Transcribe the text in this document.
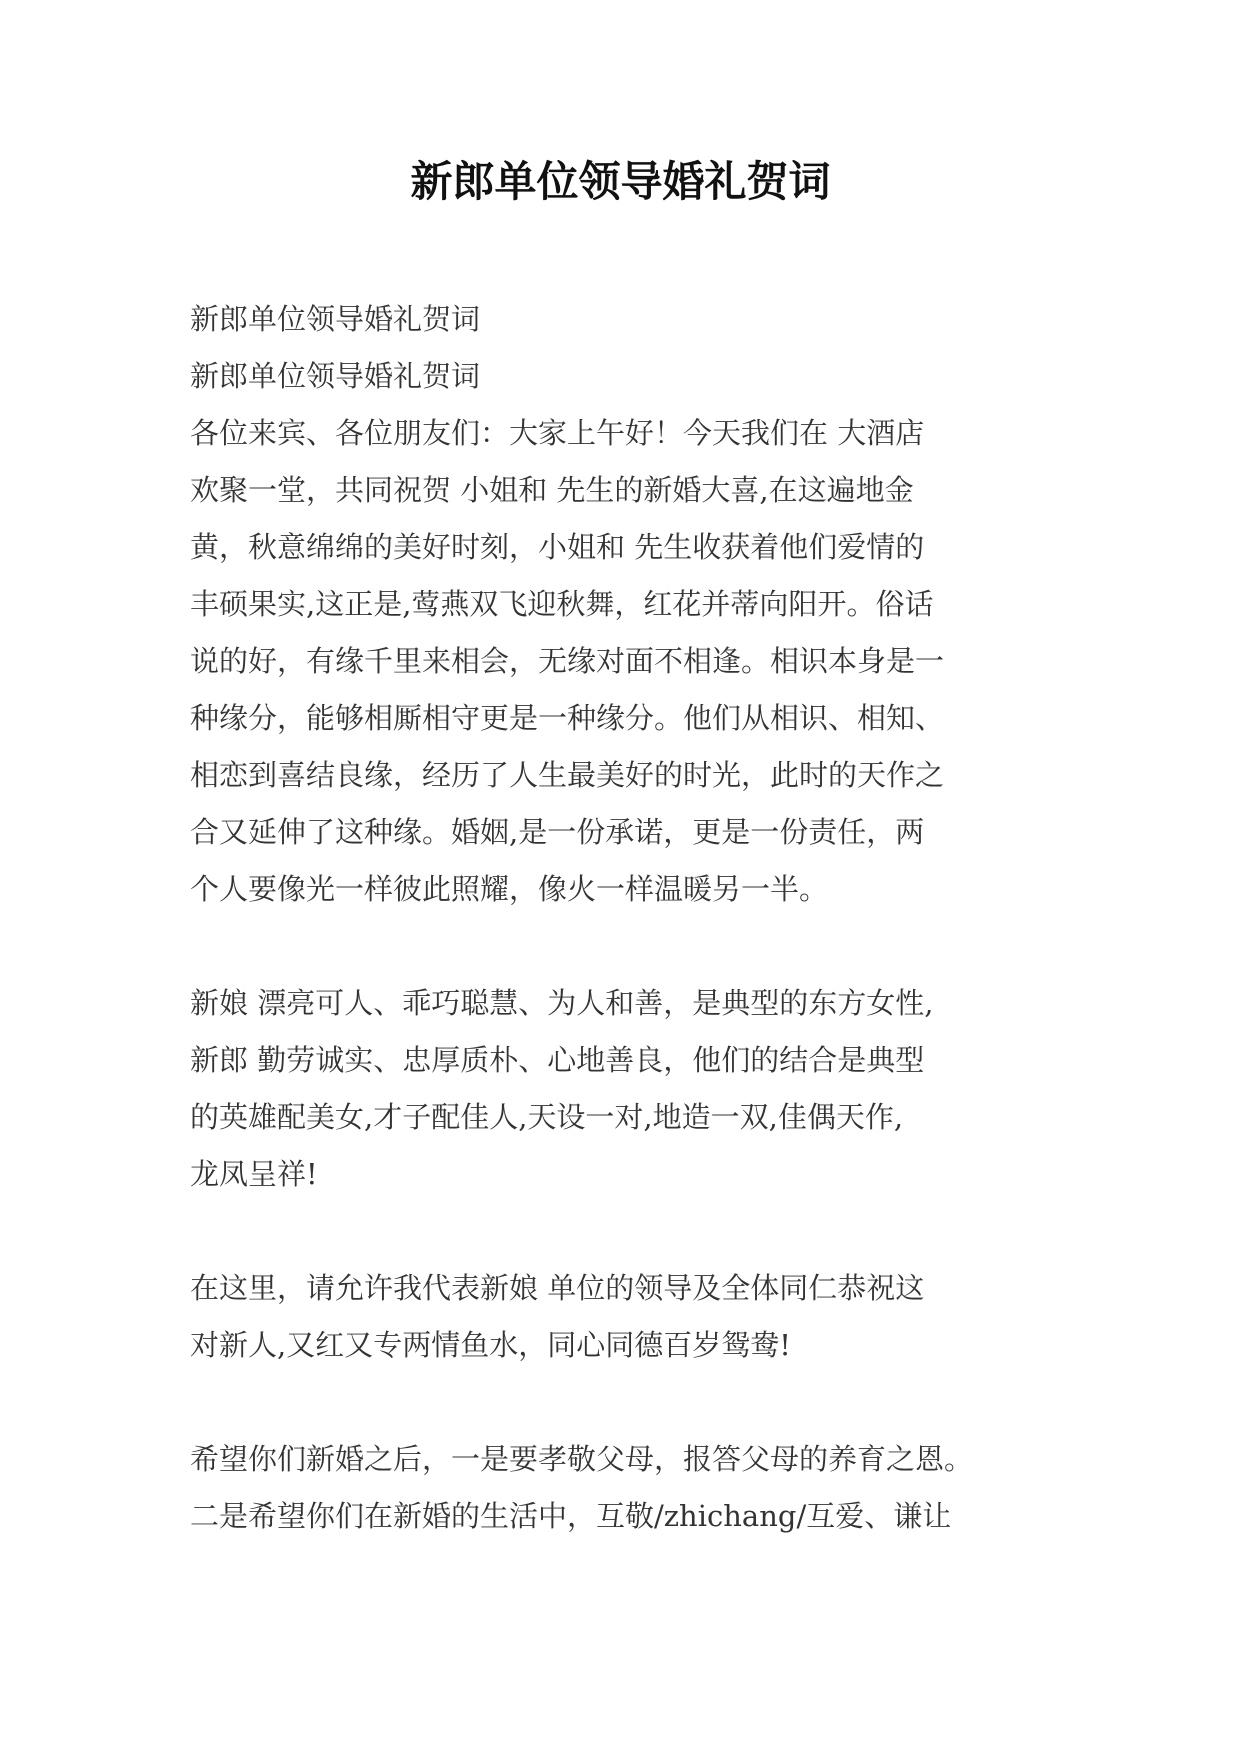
新郎单位领导婚礼贺词

新郎单位领导婚礼贺词

新郎单位领导婚礼贺词

各位来宾、各位朋友们：大家上午好！今天我们在 大酒店

欢聚一堂，共同祝贺 小姐和 先生的新婚大喜,在这遍地金

黄，秋意绵绵的美好时刻，小姐和 先生收获着他们爱情的

丰硕果实,这正是,莺燕双飞迎秋舞，红花并蒂向阳开。俗话

说的好，有缘千里来相会，无缘对面不相逢。相识本身是一

种缘分，能够相厮相守更是一种缘分。他们从相识、相知、

相恋到喜结良缘，经历了人生最美好的时光，此时的天作之

合又延伸了这种缘。婚姻,是一份承诺，更是一份责任，两

个人要像光一样彼此照耀，像火一样温暖另一半。

新娘 漂亮可人、乖巧聪慧、为人和善，是典型的东方女性,

新郎 勤劳诚实、忠厚质朴、心地善良，他们的结合是典型

的英雄配美女,才子配佳人,天设一对,地造一双,佳偶天作,

龙凤呈祥!

在这里，请允许我代表新娘 单位的领导及全体同仁恭祝这

对新人,又红又专两情鱼水，同心同德百岁鸳鸯!

希望你们新婚之后，一是要孝敬父母，报答父母的养育之恩。

二是希望你们在新婚的生活中，互敬/zhichang/互爱、谦让
